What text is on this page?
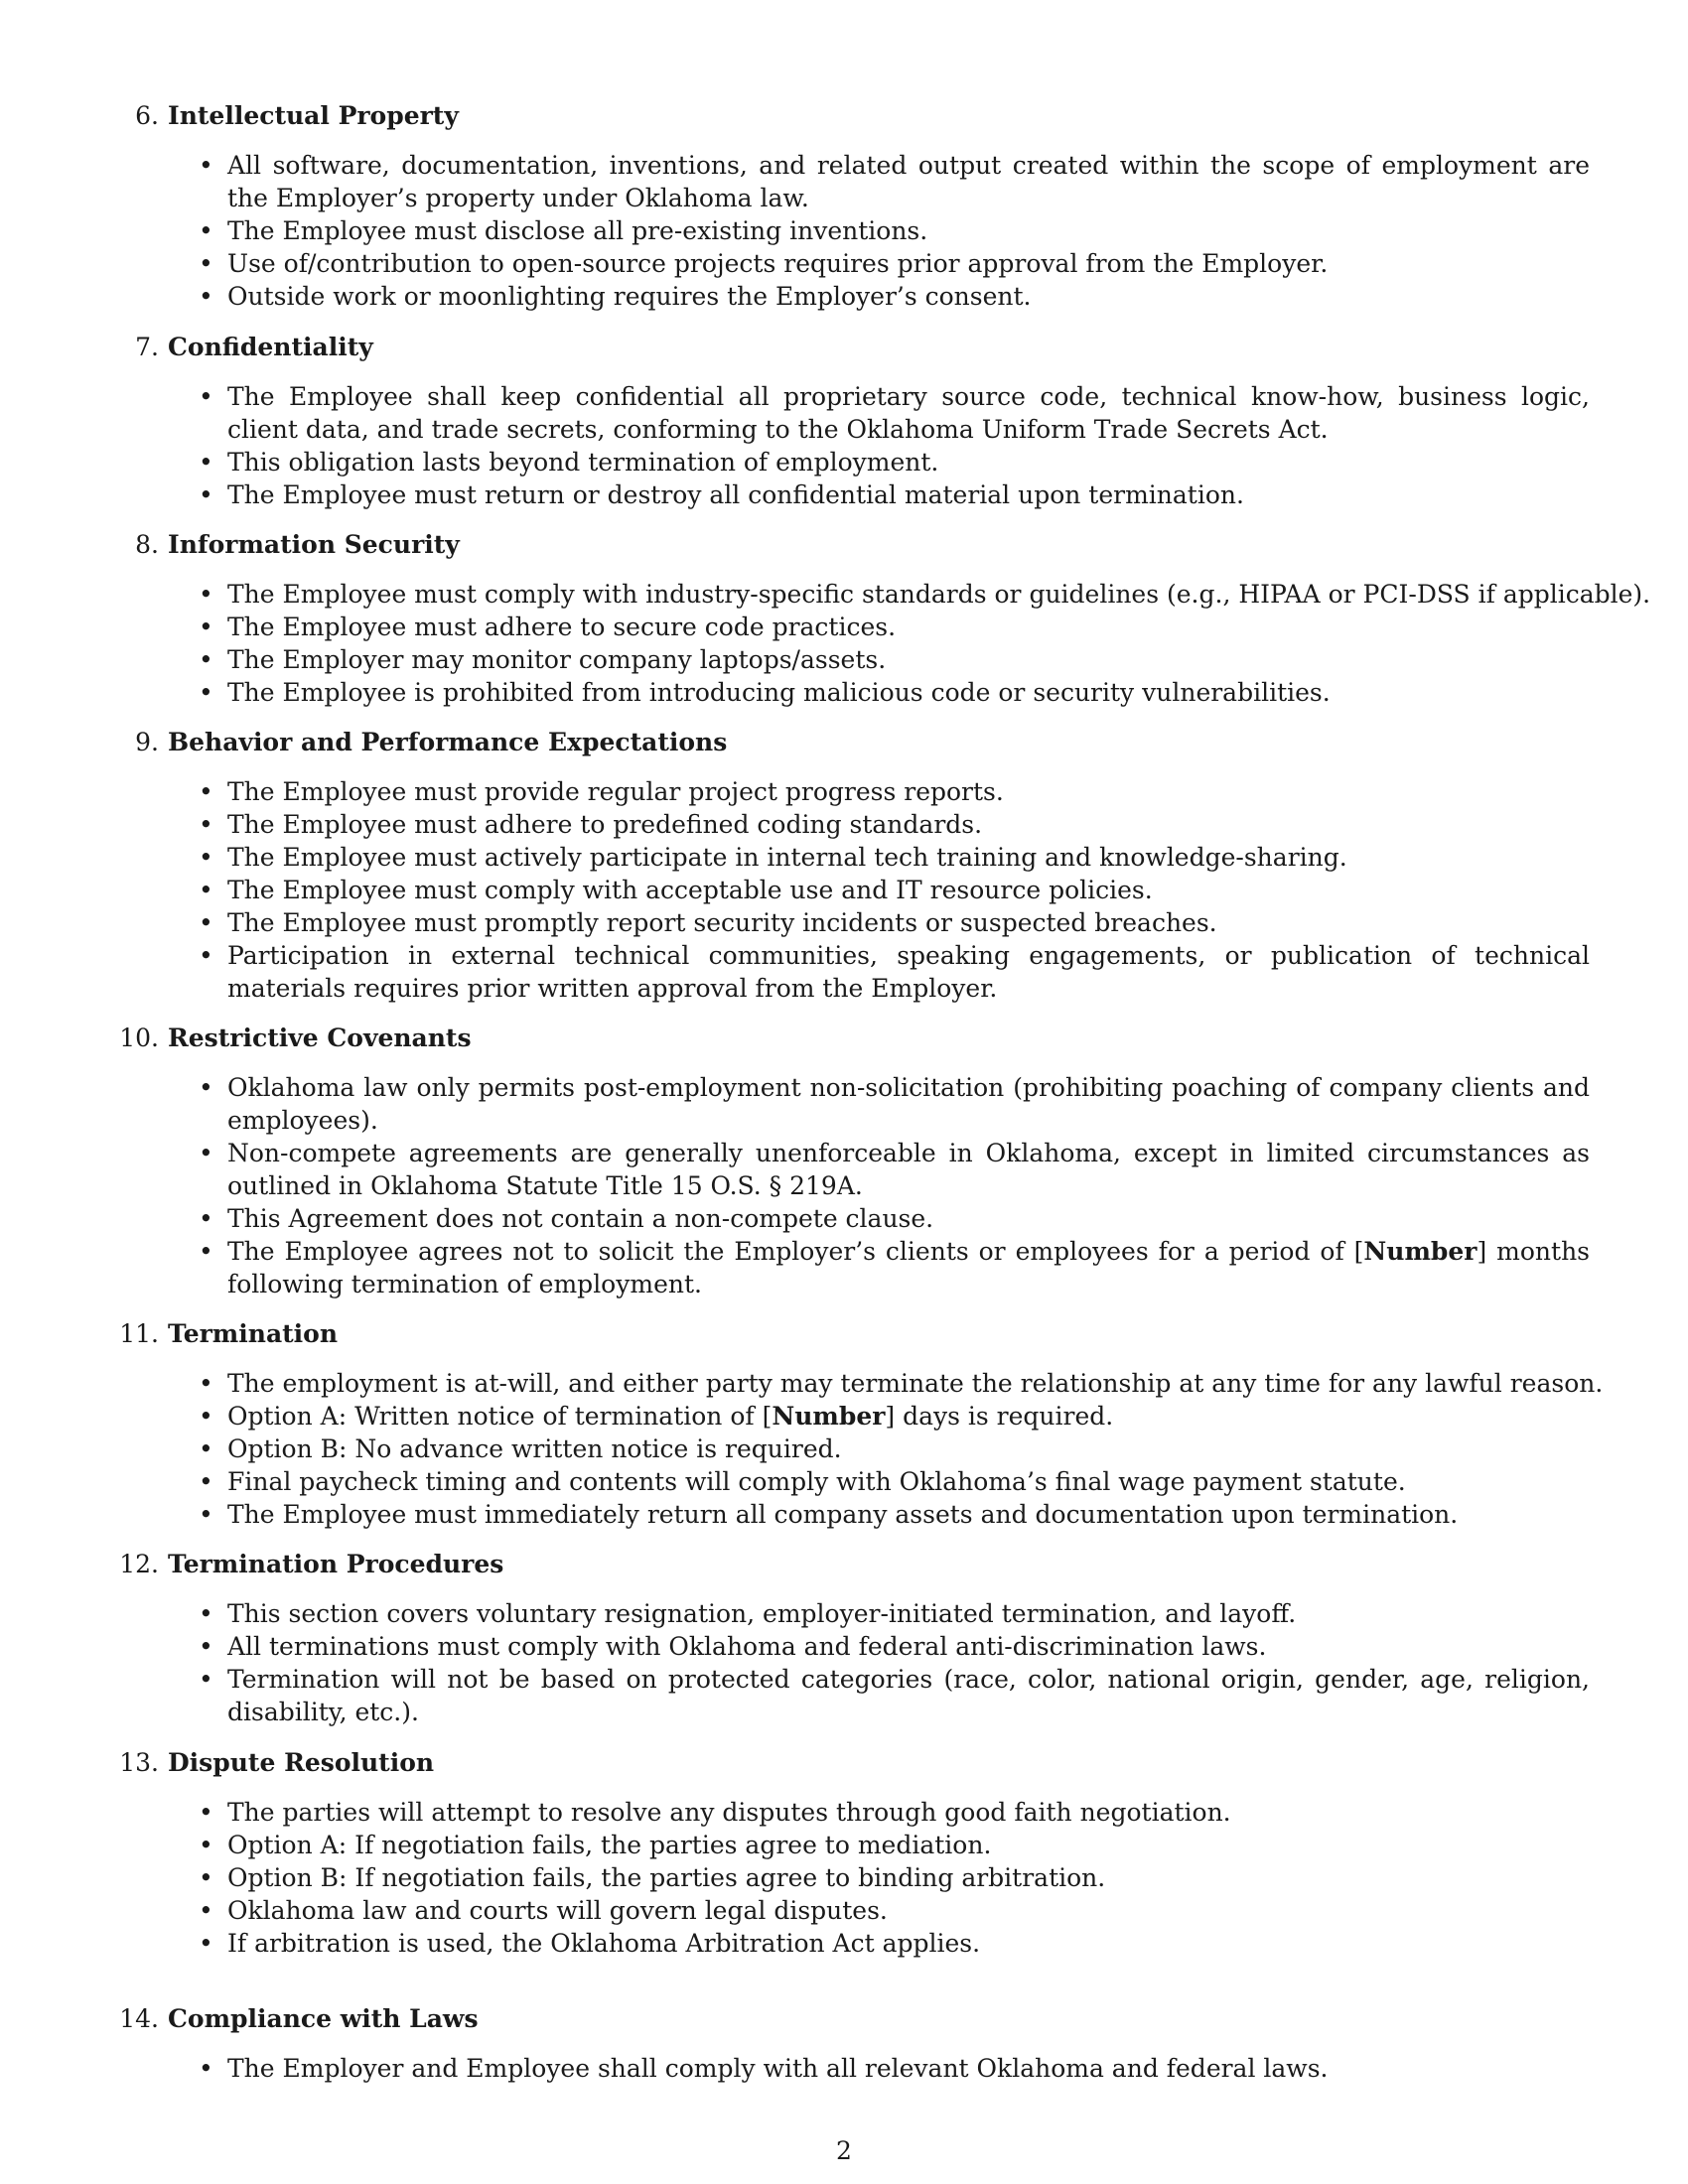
6. Intellectual Property
• All software, documentation, inventions, and related output created within the scope of employment are the Employer’s property under Oklahoma law.
• The Employee must disclose all pre-existing inventions.
• Use of/contribution to open-source projects requires prior approval from the Employer.
• Outside work or moonlighting requires the Employer’s consent.
7. Confidentiality
• The Employee shall keep confidential all proprietary source code, technical know-how, business logic, client data, and trade secrets, conforming to the Oklahoma Uniform Trade Secrets Act.
• This obligation lasts beyond termination of employment.
• The Employee must return or destroy all confidential material upon termination.
8. Information Security
• The Employee must comply with industry-specific standards or guidelines (e.g., HIPAA or PCI-DSS if applicable).
• The Employee must adhere to secure code practices.
• The Employer may monitor company laptops/assets.
• The Employee is prohibited from introducing malicious code or security vulnerabilities.
9. Behavior and Performance Expectations
• The Employee must provide regular project progress reports.
• The Employee must adhere to predefined coding standards.
• The Employee must actively participate in internal tech training and knowledge-sharing.
• The Employee must comply with acceptable use and IT resource policies.
• The Employee must promptly report security incidents or suspected breaches.
• Participation in external technical communities, speaking engagements, or publication of technical materials requires prior written approval from the Employer.
10. Restrictive Covenants
• Oklahoma law only permits post-employment non-solicitation (prohibiting poaching of company clients and employees).
• Non-compete agreements are generally unenforceable in Oklahoma, except in limited circumstances as outlined in Oklahoma Statute Title 15 O.S. § 219A.
• This Agreement does not contain a non-compete clause.
• The Employee agrees not to solicit the Employer’s clients or employees for a period of [Number] months following termination of employment.
11. Termination
• The employment is at-will, and either party may terminate the relationship at any time for any lawful reason.
• Option A: Written notice of termination of [Number] days is required.
• Option B: No advance written notice is required.
• Final paycheck timing and contents will comply with Oklahoma’s final wage payment statute.
• The Employee must immediately return all company assets and documentation upon termination.
12. Termination Procedures
• This section covers voluntary resignation, employer-initiated termination, and layoff.
• All terminations must comply with Oklahoma and federal anti-discrimination laws.
• Termination will not be based on protected categories (race, color, national origin, gender, age, religion, disability, etc.).
13. Dispute Resolution
• The parties will attempt to resolve any disputes through good faith negotiation.
• Option A: If negotiation fails, the parties agree to mediation.
• Option B: If negotiation fails, the parties agree to binding arbitration.
• Oklahoma law and courts will govern legal disputes.
• If arbitration is used, the Oklahoma Arbitration Act applies.
14. Compliance with Laws
• The Employer and Employee shall comply with all relevant Oklahoma and federal laws.
2
